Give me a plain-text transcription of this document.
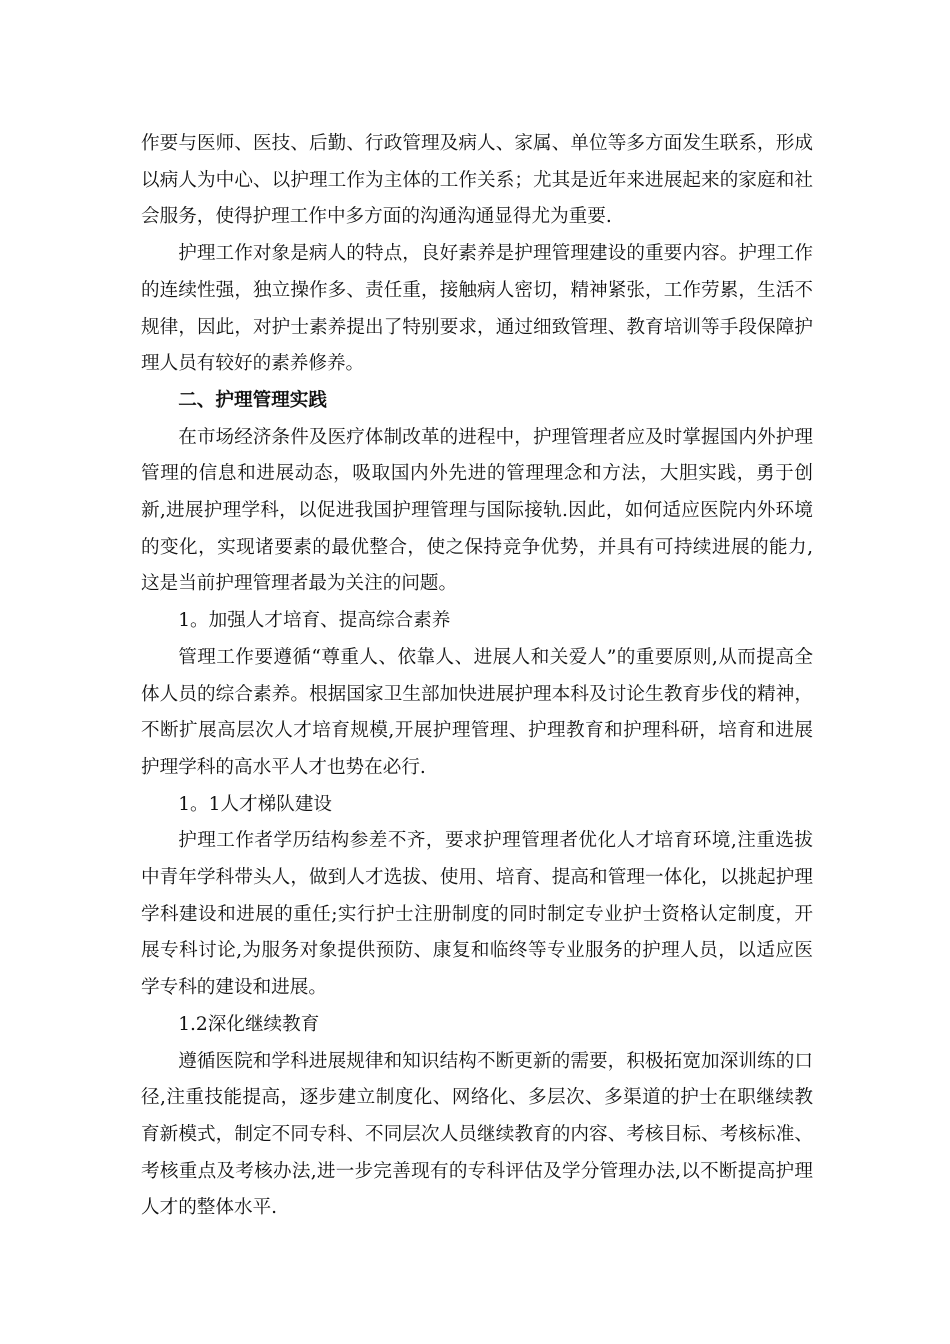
作要与医师、医技、后勤、行政管理及病人、家属、单位等多方面发生联系，形成以病人为中心、以护理工作为主体的工作关系；尤其是近年来进展起来的家庭和社会服务，使得护理工作中多方面的沟通沟通显得尤为重要.

护理工作对象是病人的特点，良好素养是护理管理建设的重要内容。护理工作的连续性强，独立操作多、责任重，接触病人密切，精神紧张，工作劳累，生活不规律，因此，对护士素养提出了特别要求，通过细致管理、教育培训等手段保障护理人员有较好的素养修养。

二、护理管理实践

在市场经济条件及医疗体制改革的进程中，护理管理者应及时掌握国内外护理管理的信息和进展动态，吸取国内外先进的管理理念和方法，大胆实践，勇于创新,进展护理学科，以促进我国护理管理与国际接轨.因此，如何适应医院内外环境的变化，实现诸要素的最优整合，使之保持竞争优势，并具有可持续进展的能力,这是当前护理管理者最为关注的问题。

1。加强人才培育、提高综合素养

管理工作要遵循“尊重人、依靠人、进展人和关爱人”的重要原则,从而提高全体人员的综合素养。根据国家卫生部加快进展护理本科及讨论生教育步伐的精神，不断扩展高层次人才培育规模,开展护理管理、护理教育和护理科研，培育和进展护理学科的高水平人才也势在必行.

1。1人才梯队建设

护理工作者学历结构参差不齐，要求护理管理者优化人才培育环境,注重选拔中青年学科带头人，做到人才选拔、使用、培育、提高和管理一体化，以挑起护理学科建设和进展的重任;实行护士注册制度的同时制定专业护士资格认定制度，开展专科讨论,为服务对象提供预防、康复和临终等专业服务的护理人员，以适应医学专科的建设和进展。

1.2深化继续教育

遵循医院和学科进展规律和知识结构不断更新的需要，积极拓宽加深训练的口径,注重技能提高，逐步建立制度化、网络化、多层次、多渠道的护士在职继续教育新模式，制定不同专科、不同层次人员继续教育的内容、考核目标、考核标准、考核重点及考核办法,进一步完善现有的专科评估及学分管理办法,以不断提高护理人才的整体水平.
